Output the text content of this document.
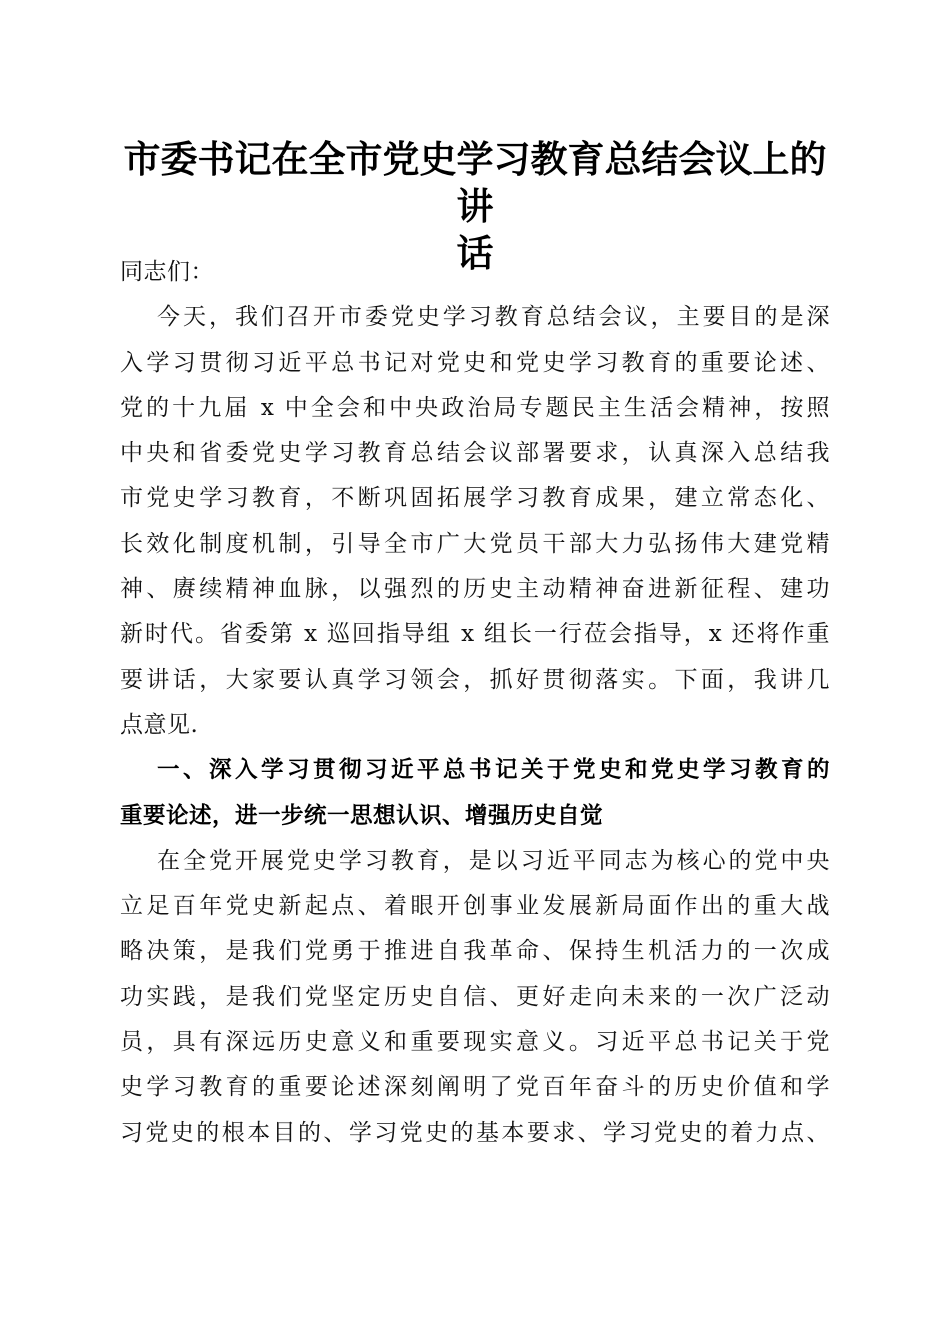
市委书记在全市党史学习教育总结会议上的讲
话
同志们：
今天，我们召开市委党史学习教育总结会议，主要目的是深
入学习贯彻习近平总书记对党史和党史学习教育的重要论述、
党的十九届 x 中全会和中央政治局专题民主生活会精神，按照
中央和省委党史学习教育总结会议部署要求，认真深入总结我
市党史学习教育，不断巩固拓展学习教育成果，建立常态化、
长效化制度机制，引导全市广大党员干部大力弘扬伟大建党精
神、赓续精神血脉，以强烈的历史主动精神奋进新征程、建功
新时代。省委第 x 巡回指导组 x 组长一行莅会指导，x 还将作重
要讲话，大家要认真学习领会，抓好贯彻落实。下面，我讲几
点意见.
一、深入学习贯彻习近平总书记关于党史和党史学习教育的
重要论述，进一步统一思想认识、增强历史自觉
在全党开展党史学习教育，是以习近平同志为核心的党中央
立足百年党史新起点、着眼开创事业发展新局面作出的重大战
略决策，是我们党勇于推进自我革命、保持生机活力的一次成
功实践，是我们党坚定历史自信、更好走向未来的一次广泛动
员，具有深远历史意义和重要现实意义。习近平总书记关于党
史学习教育的重要论述深刻阐明了党百年奋斗的历史价值和学
习党史的根本目的、学习党史的基本要求、学习党史的着力点、
